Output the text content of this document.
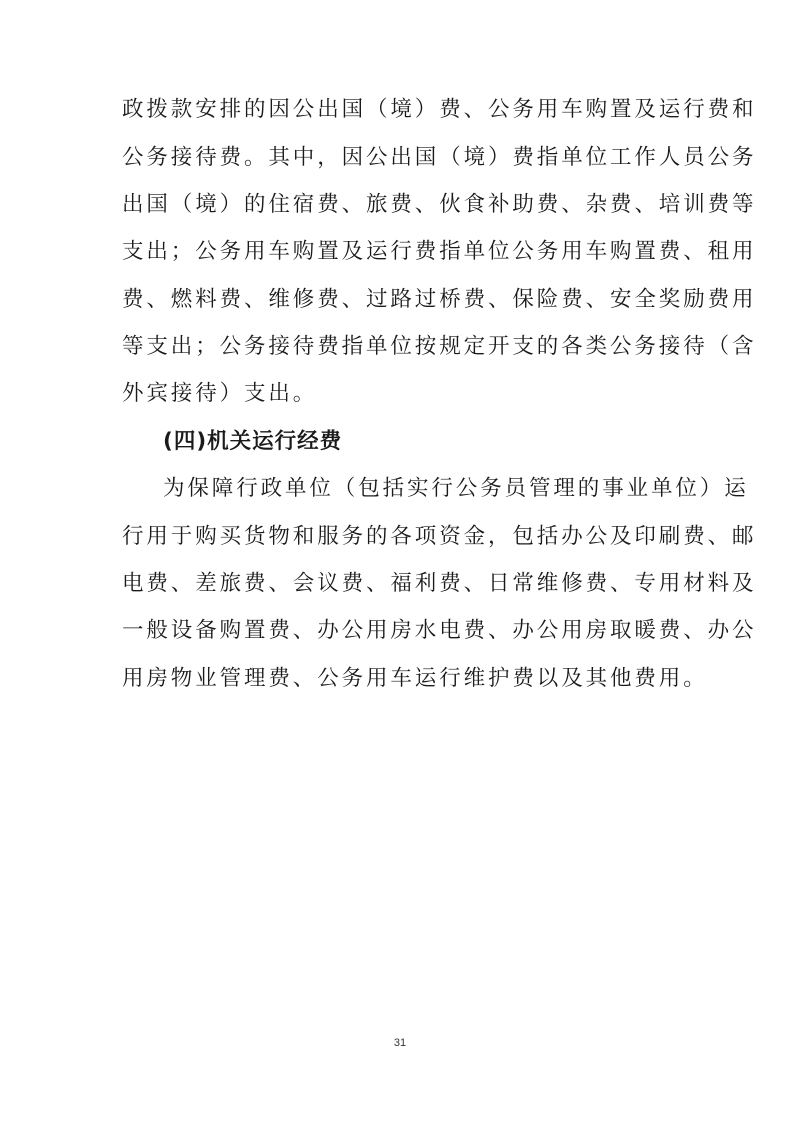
政拨款安排的因公出国（境）费、公务用车购置及运行费和
公务接待费。其中，因公出国（境）费指单位工作人员公务
出国（境）的住宿费、旅费、伙食补助费、杂费、培训费等
支出；公务用车购置及运行费指单位公务用车购置费、租用
费、燃料费、维修费、过路过桥费、保险费、安全奖励费用
等支出；公务接待费指单位按规定开支的各类公务接待（含
外宾接待）支出。
(四)机关运行经费
为保障行政单位（包括实行公务员管理的事业单位）运
行用于购买货物和服务的各项资金，包括办公及印刷费、邮
电费、差旅费、会议费、福利费、日常维修费、专用材料及
一般设备购置费、办公用房水电费、办公用房取暖费、办公
用房物业管理费、公务用车运行维护费以及其他费用。
31
